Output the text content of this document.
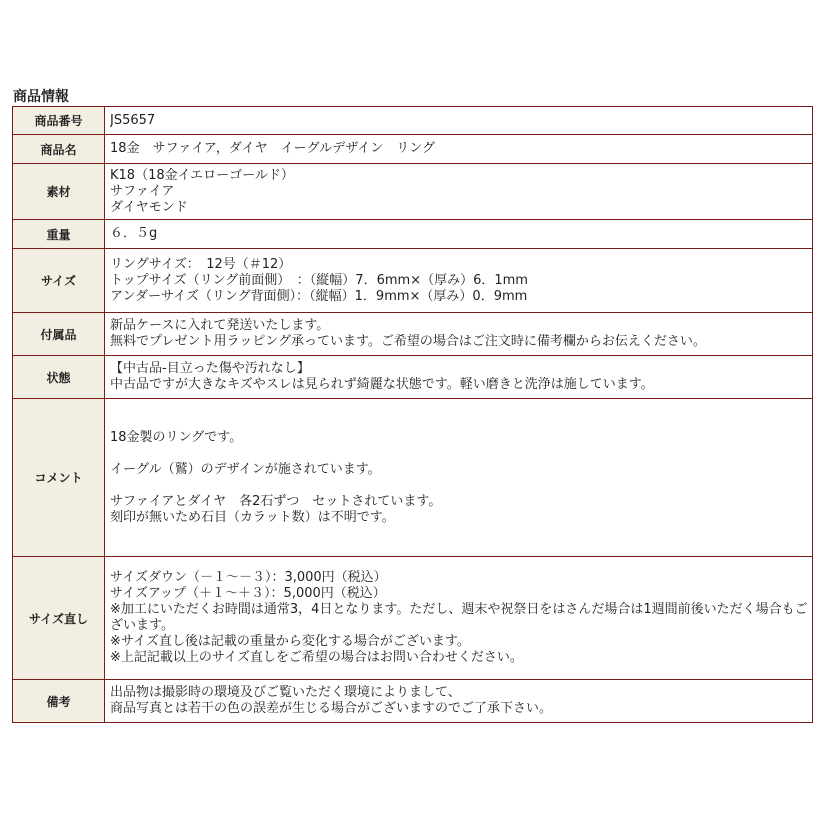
商品情報
商品番号	JS5657

商品名	18金　サファイア，ダイヤ　イーグルデザイン　リング

素材	K18（18金イエローゴールド）
サファイア
ダイヤモンド

重量	６．５g

サイズ	リングサイズ：　12号（＃12）
トップサイズ（リング前面側）　：（縦幅）7．6mm×（厚み）6．1mm
アンダーサイズ（リング背面側）：（縦幅）1．9mm×（厚み）0．9mm

付属品	新品ケースに入れて発送いたします。
無料でプレゼント用ラッピング承っています。ご希望の場合はご注文時に備考欄からお伝えください。

状態	【中古品-目立った傷や汚れなし】
中古品ですが大きなキズやスレは見られず綺麗な状態です。軽い磨きと洗浄は施しています。

コメント	18金製のリングです。
イーグル（鷲）のデザインが施されています。
サファイアとダイヤ　各2石ずつ　セットされています。
刻印が無いため石目（カラット数）は不明です。

サイズ直し	サイズダウン（－１～－３）：3,000円（税込）
サイズアップ（＋１～＋３）：5,000円（税込）
※加工にいただくお時間は通常3，4日となります。ただし、週末や祝祭日をはさんだ場合は1週間前後いただく場合もございます。
※サイズ直し後は記載の重量から変化する場合がございます。
※上記記載以上のサイズ直しをご希望の場合はお問い合わせください。

備考	出品物は撮影時の環境及びご覧いただく環境によりまして、
商品写真とは若干の色の誤差が生じる場合がございますのでご了承下さい。
